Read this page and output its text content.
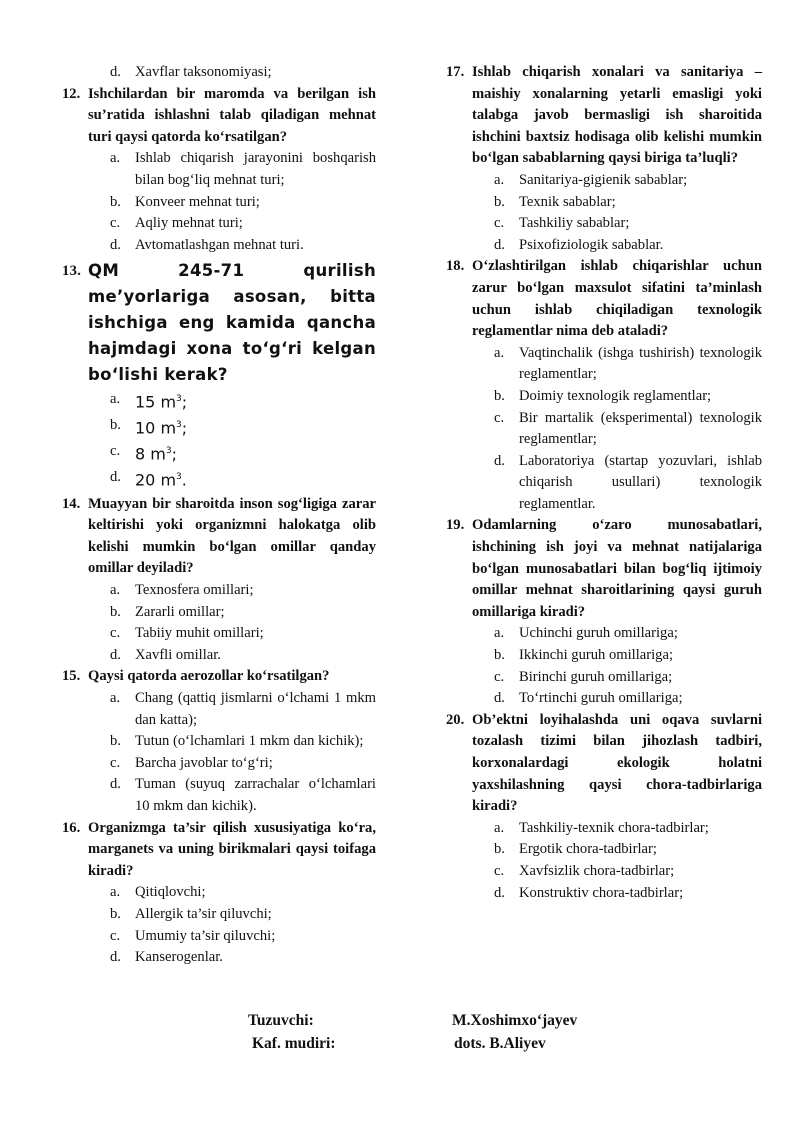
d. Xavflar taksonomiyasi;
12. Ishchilardan bir maromda va berilgan ish su’ratida ishlashni talab qiladigan mehnat turi qaysi qatorda ko‘rsatilgan?
a.	Ishlab chiqarish jarayonini boshqarish bilan bog‘liq mehnat turi;
b. Konveer mehnat turi;
c.	Aqliy mehnat turi;
d. Avtomatlashgan mehnat turi.
13. QM 245-71 qurilish me’yorlariga asosan, bitta ishchiga eng kamida qancha hajmdagi xona to‘g‘ri kelgan bo‘lishi kerak?
a. 15 $m^3$;
b. 10 $m^3$;
c. 8 $m^3$;
d. 20 $m^3$.
14. Muayyan bir sharoitda inson sog‘ligiga zarar keltirishi yoki organizmni halokatga olib kelishi mumkin bo‘lgan omillar qanday omillar deyiladi?
a.	Texnosfera omillari;
b. Zararli omillar;
c.	Tabiiy muhit omillari;
d. Xavfli omillar.
15. Qaysi qatorda aerozollar ko‘rsatilgan?
a.	Chang (qattiq jismlarni o‘lchami 1 mkm dan katta);
b. Tutun (o‘lchamlari 1 mkm dan kichik);
c.	Barcha javoblar to‘g‘ri;
d. Tuman (suyuq zarrachalar o‘lchamlari 10 mkm dan kichik).
16. Organizmga ta’sir qilish xususiyatiga ko‘ra, marganets va uning birikmalari qaysi toifaga kiradi?
a.	Qitiqlovchi;
b. Allergik ta’sir qiluvchi;
c.	Umumiy ta’sir qiluvchi;
d. Kanserogenlar.
17. Ishlab chiqarish xonalari va sanitariya – maishiy xonalarning yetarli emasligi yoki talabga javob bermasligi ish sharoitida ishchini baxtsiz hodisaga olib kelishi mumkin bo‘lgan sabablarning qaysi biriga ta’luqli?
a.	Sanitariya-gigienik sabablar;
b. Texnik sabablar;
c.	Tashkiliy sabablar;
d. Psixofiziologik sabablar.
18. O‘zlashtirilgan ishlab chiqarishlar uchun zarur bo‘lgan maxsulot sifatini ta’minlash uchun ishlab chiqiladigan texnologik reglamentlar nima deb ataladi?
a.	Vaqtinchalik (ishga tushirish) texnologik reglamentlar;
b. Doimiy texnologik reglamentlar;
c.	Bir martalik (eksperimental) texnologik reglamentlar;
d. Laboratoriya (startap yozuvlari, ishlab chiqarish usullari) texnologik reglamentlar.
19. Odamlarning o‘zaro munosabatlari, ishchining ish joyi va mehnat natijalariga bo‘lgan munosabatlari bilan bog‘liq ijtimoiy omillar mehnat sharoitlarining qaysi guruh omillariga kiradi?
a.	Uchinchi guruh omillariga;
b. Ikkinchi guruh omillariga;
c.	Birinchi guruh omillariga;
d. To‘rtinchi guruh omillariga;
20. Ob’ektni loyihalashda uni oqava suvlarni tozalash tizimi bilan jihozlash tadbiri, korxonalardagi ekologik holatni yaxshilashning qaysi chora-tadbirlariga kiradi?
a.	Tashkiliy-texnik chora-tadbirlar;
b. Ergotik chora-tadbirlar;
c.	Xavfsizlik chora-tadbirlar;
d. Konstruktiv chora-tadbirlar;
Tuzuvchi:	M.Xoshimxo‘jayev
Kaf. mudiri:	dots. B.Aliyev
